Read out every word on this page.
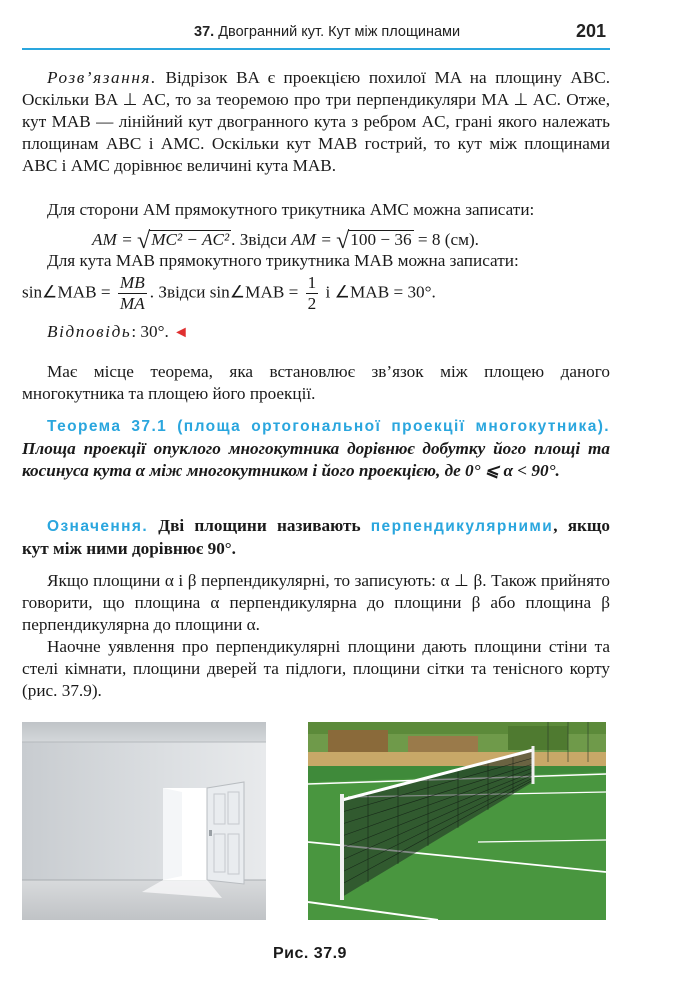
37. Двогранний кут. Кут між площинами	201

Розв’язання. Відрізок BA є проекцією похилої MA на площину ABC. Оскільки BA ⊥ AC, то за теоремою про три перпендикуляри MA ⊥ AC. Отже, кут MAB — лінійний кут двогранного кута з ребром AC, грані якого належать площинам ABC і AMC. Оскільки кут MAB гострий, то кут між площинами ABC і AMC дорівнює величині кута MAB.

Для сторони AM прямокутного трикутника AMC можна записати:

AM = √MC² − AC² . Звідси AM = √100 − 36 = 8 (см).

Для кута MAB прямокутного трикутника MAB можна записати:

sin∠MAB = $\frac{MB}{MA}$ . Звідси sin∠MAB = $\frac{1}{2}$ і ∠MAB = 30°.

Відповідь: 30°. ◄

Має місце теорема, яка встановлює зв’язок між площею даного многокутника та площею його проекції.

Теорема 37.1 (площа ортогональної проекції многокутника). Площа проекції опуклого многокутника дорівнює добутку його площі та косинуса кута α між многокутником і його проекцією, де 0° ⩽ α < 90°.

Означення. Дві площини називають перпендикулярними, якщо кут між ними дорівнює 90°.

Якщо площини α і β перпендикулярні, то записують: α ⊥ β. Також прийнято говорити, що площина α перпендикулярна до площини β або площина β перпендикулярна до площини α.

Наочне уявлення про перпендикулярні площини дають площини стіни та стелі кімнати, площини дверей та підлоги, площини сітки та тенісного корту (рис. 37.9).

Рис. 37.9
